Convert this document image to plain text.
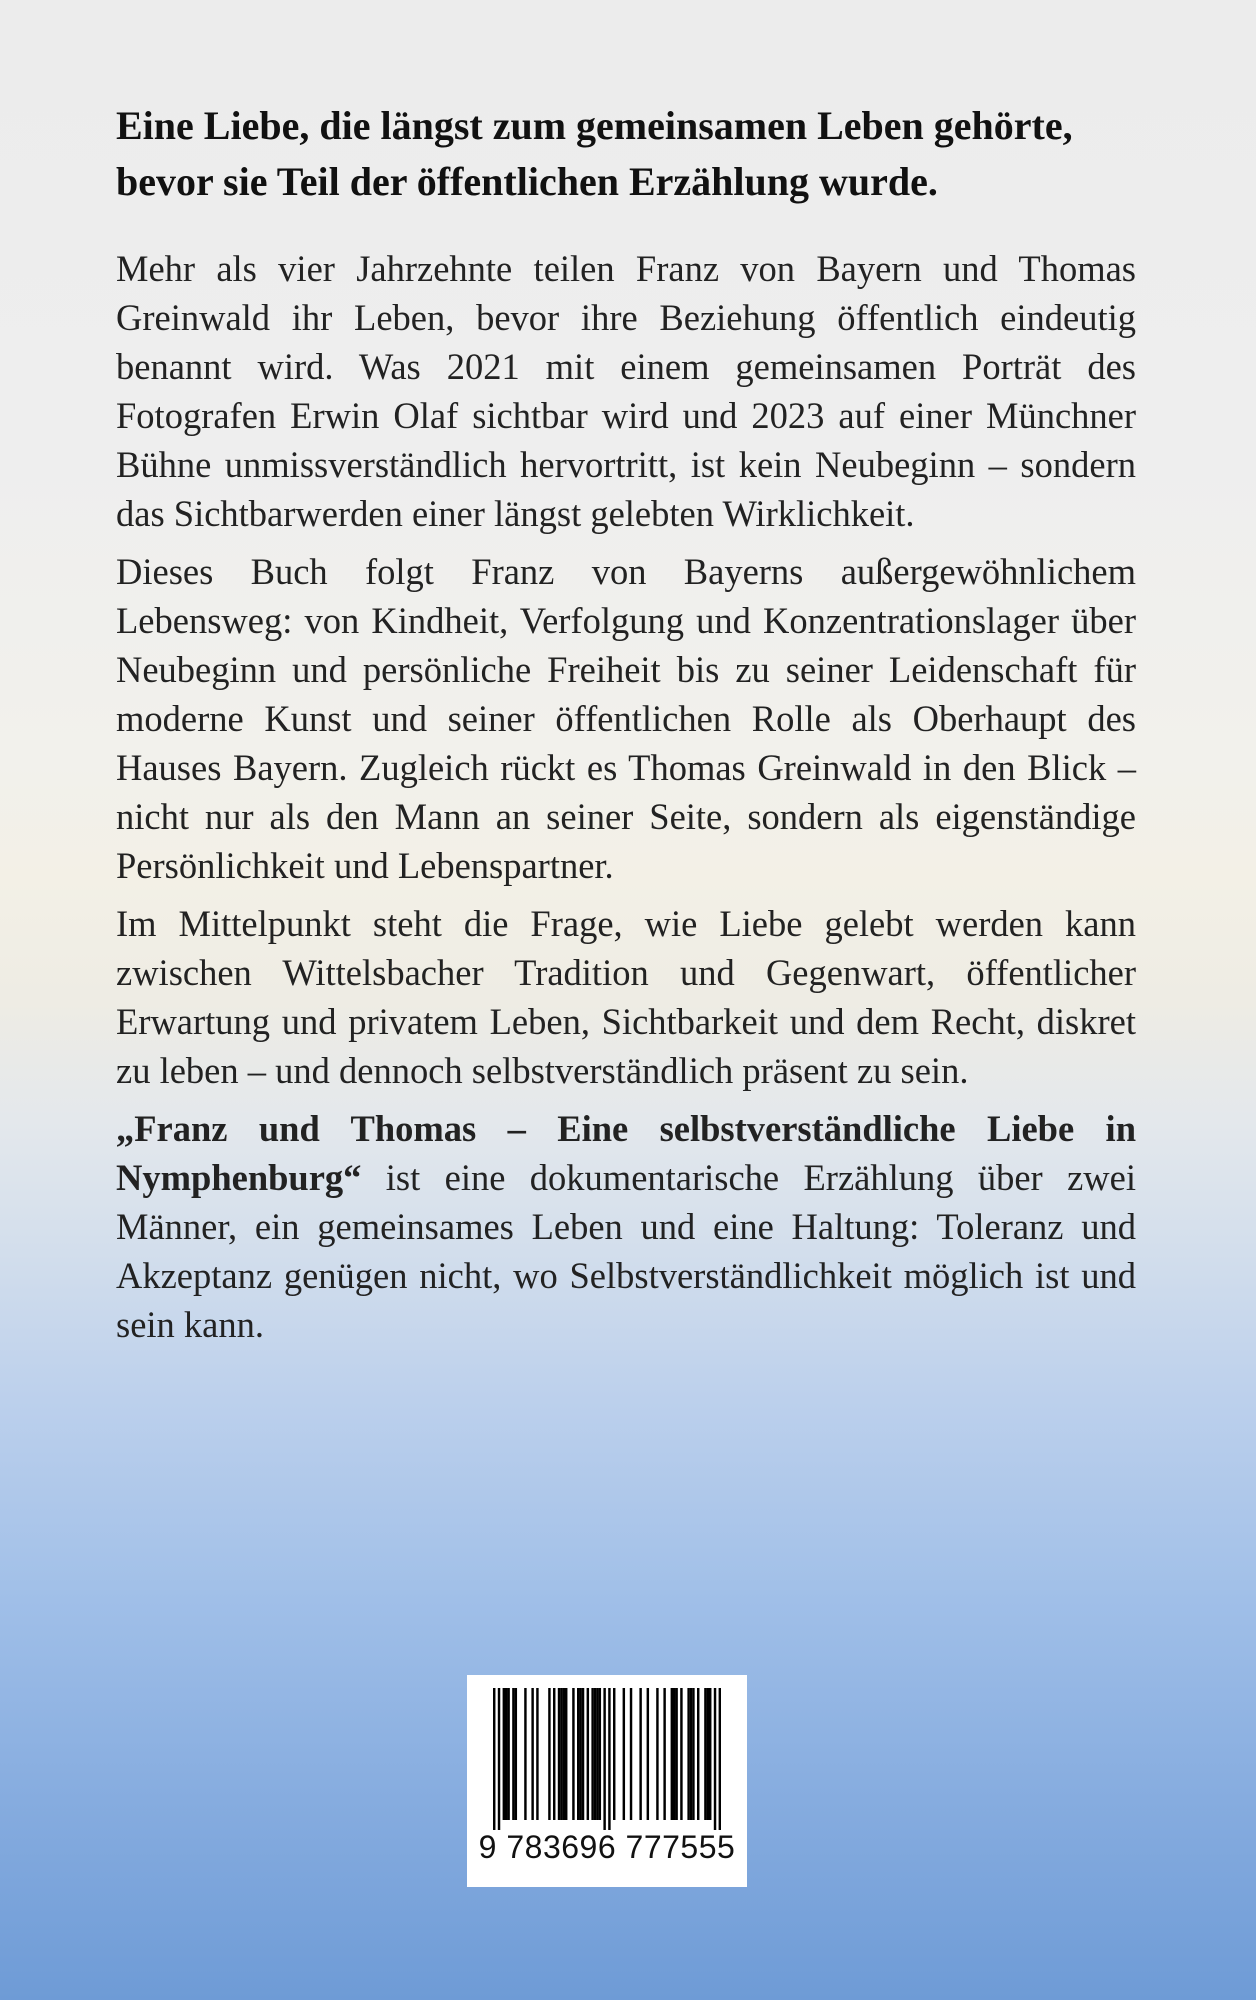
Eine Liebe, die längst zum gemeinsamen Leben gehörte,
bevor sie Teil der öffentlichen Erzählung wurde.

Mehr als vier Jahrzehnte teilen Franz von Bayern und Thomas Greinwald ihr Leben, bevor ihre Beziehung öffentlich eindeutig benannt wird. Was 2021 mit einem gemeinsamen Porträt des Fotografen Erwin Olaf sichtbar wird und 2023 auf einer Münchner Bühne unmissverständlich hervortritt, ist kein Neubeginn – sondern das Sichtbarwerden einer längst gelebten Wirklichkeit.

Dieses Buch folgt Franz von Bayerns außergewöhnlichem Lebensweg: von Kindheit, Verfolgung und Konzentrationslager über Neubeginn und persönliche Freiheit bis zu seiner Leidenschaft für moderne Kunst und seiner öffentlichen Rolle als Oberhaupt des Hauses Bayern. Zugleich rückt es Thomas Greinwald in den Blick – nicht nur als den Mann an seiner Seite, sondern als eigenständige Persönlichkeit und Lebenspartner.

Im Mittelpunkt steht die Frage, wie Liebe gelebt werden kann zwischen Wittelsbacher Tradition und Gegenwart, öffentlicher Erwartung und privatem Leben, Sichtbarkeit und dem Recht, diskret zu leben – und dennoch selbstverständlich präsent zu sein.

„Franz und Thomas – Eine selbstverständliche Liebe in Nymphenburg“ ist eine dokumentarische Erzählung über zwei Männer, ein gemeinsames Leben und eine Haltung: Toleranz und Akzeptanz genügen nicht, wo Selbstverständlichkeit möglich ist und sein kann.

9 783696 777555
